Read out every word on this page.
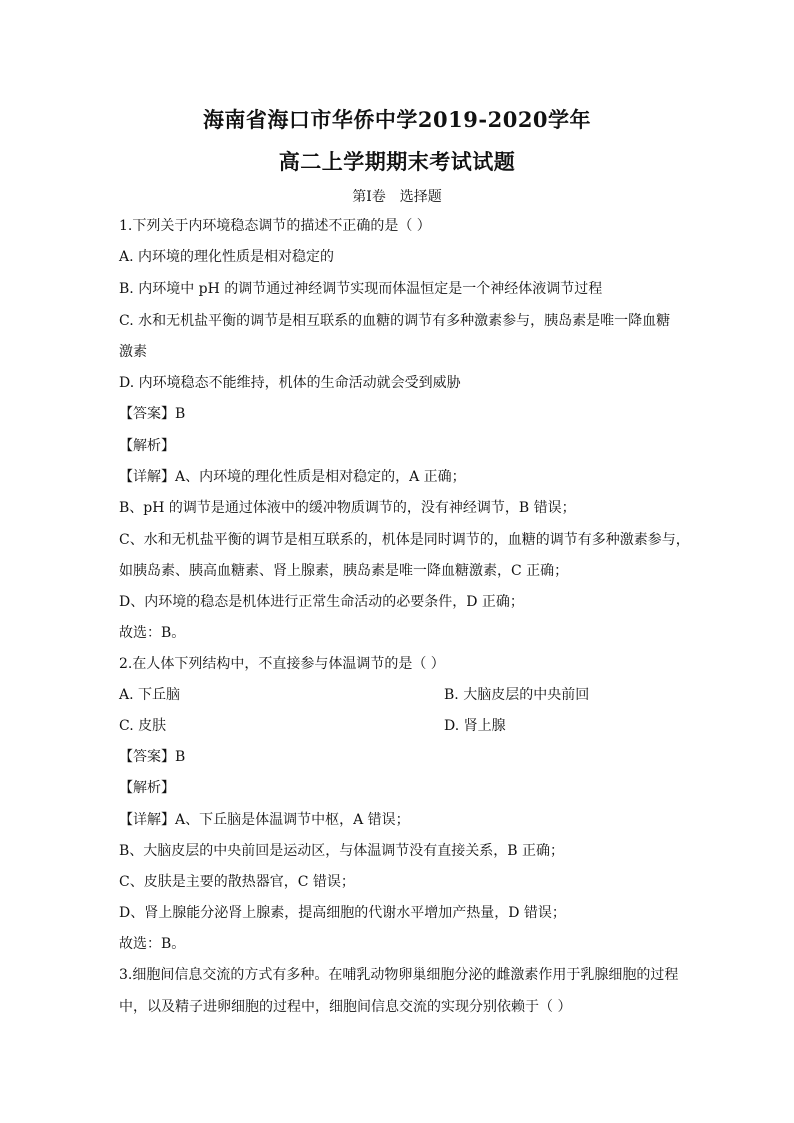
海南省海口市华侨中学2019-2020学年
高二上学期期末考试试题
第Ⅰ卷　选择题
1.下列关于内环境稳态调节的描述不正确的是（ ）
A. 内环境的理化性质是相对稳定的
B. 内环境中 pH 的调节通过神经调节实现而体温恒定是一个神经体液调节过程
C. 水和无机盐平衡的调节是相互联系的血糖的调节有多种激素参与，胰岛素是唯一降血糖
激素
D. 内环境稳态不能维持，机体的生命活动就会受到威胁
【答案】B
【解析】
【详解】A、内环境的理化性质是相对稳定的，A 正确；
B、pH 的调节是通过体液中的缓冲物质调节的，没有神经调节，B 错误；
C、水和无机盐平衡的调节是相互联系的，机体是同时调节的，血糖的调节有多种激素参与，
如胰岛素、胰高血糖素、肾上腺素，胰岛素是唯一降血糖激素，C 正确；
D、内环境的稳态是机体进行正常生命活动的必要条件，D 正确；
故选：B。
2.在人体下列结构中，不直接参与体温调节的是（ ）
A. 下丘脑	B. 大脑皮层的中央前回
C. 皮肤	D. 肾上腺
【答案】B
【解析】
【详解】A、下丘脑是体温调节中枢，A 错误；
B、大脑皮层的中央前回是运动区，与体温调节没有直接关系，B 正确；
C、皮肤是主要的散热器官，C 错误；
D、肾上腺能分泌肾上腺素，提高细胞的代谢水平增加产热量，D 错误；
故选：B。
3.细胞间信息交流的方式有多种。在哺乳动物卵巢细胞分泌的雌激素作用于乳腺细胞的过程
中，以及精子进卵细胞的过程中，细胞间信息交流的实现分别依赖于（ ）
